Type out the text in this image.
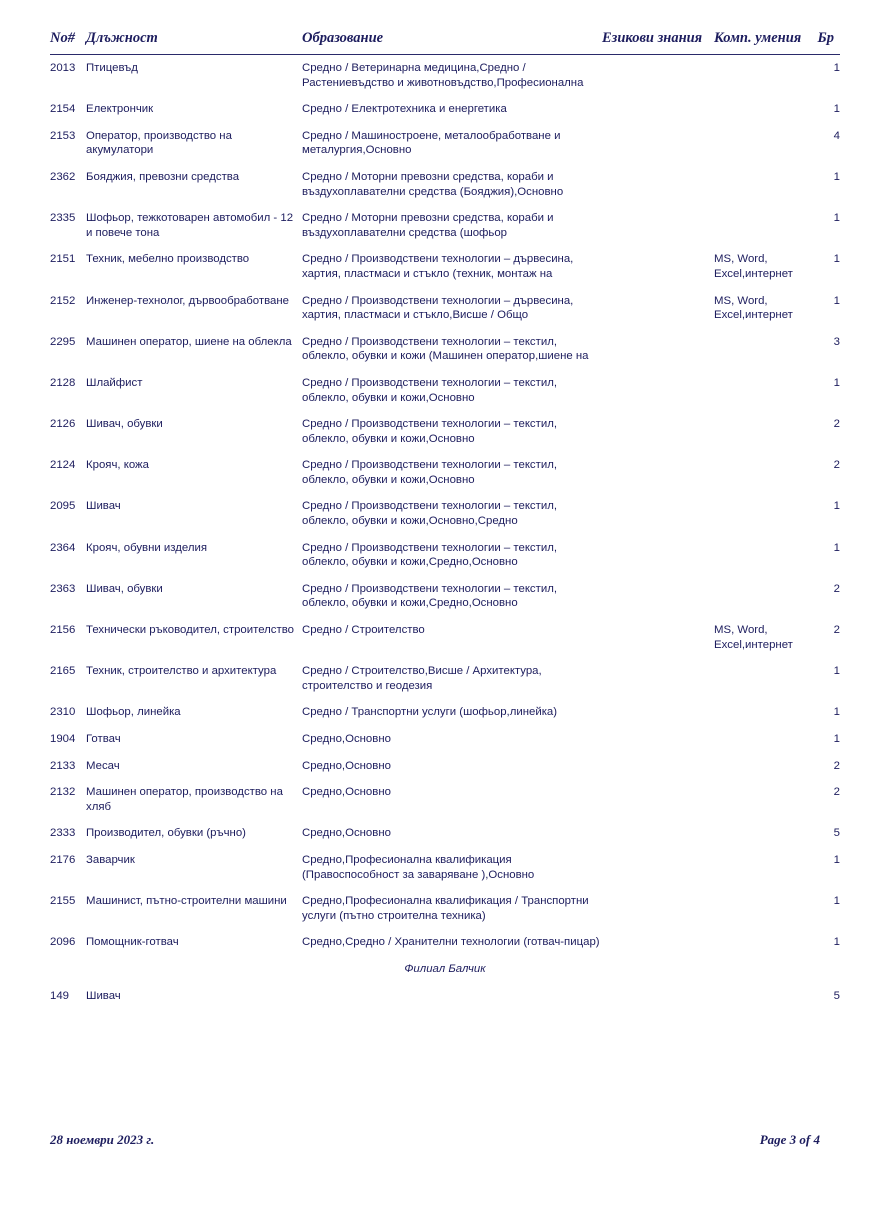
No#	Длъжност	Образование	Езикови знания	Комп. умения	Бр

2013	Птицевъд	Средно / Ветеринарна медицина,Средно / Растениевъдство и животновъдство,Професионална			1
2154	Електрончик	Средно / Електротехника и енергетика			1
2153	Оператор, производство на акумулатори	Средно / Машиностроене, металообработване и металургия,Основно			4
2362	Бояджия, превозни средства	Средно / Моторни превозни средства, кораби и въздухоплавателни средства (Бояджия),Основно			1
2335	Шофьор, тежкотоварен автомобил - 12 и повече тона	Средно / Моторни превозни средства, кораби и въздухоплавателни средства (шофьор			1
2151	Техник, мебелно производство	Средно / Производствени технологии – дървесина, хартия, пластмаси и стъкло (техник, монтаж на		MS, Word, Excel,интернет	1
2152	Инженер-технолог, дървообработване	Средно / Производствени технологии – дървесина, хартия, пластмаси и стъкло,Висше / Общо		MS, Word, Excel,интернет	1
2295	Машинен оператор, шиене на облекла	Средно / Производствени технологии – текстил, облекло, обувки и кожи (Машинен оператор,шиене на			3
2128	Шлайфист	Средно / Производствени технологии – текстил, облекло, обувки и кожи,Основно			1
2126	Шивач, обувки	Средно / Производствени технологии – текстил, облекло, обувки и кожи,Основно			2
2124	Крояч, кожа	Средно / Производствени технологии – текстил, облекло, обувки и кожи,Основно			2
2095	Шивач	Средно / Производствени технологии – текстил, облекло, обувки и кожи,Основно,Средно			1
2364	Крояч, обувни изделия	Средно / Производствени технологии – текстил, облекло, обувки и кожи,Средно,Основно			1
2363	Шивач, обувки	Средно / Производствени технологии – текстил, облекло, обувки и кожи,Средно,Основно			2
2156	Технически ръководител, строителство	Средно / Строителство		MS, Word, Excel,интернет	2
2165	Техник, строителство и архитектура	Средно / Строителство,Висше / Архитектура, строителство и геодезия			1
2310	Шофьор, линейка	Средно / Транспортни услуги (шофьор,линейка)			1
1904	Готвач	Средно,Основно			1
2133	Месач	Средно,Основно			2
2132	Машинен оператор, производство на хляб	Средно,Основно			2
2333	Производител, обувки (ръчно)	Средно,Основно			5
2176	Заварчик	Средно,Професионална квалификация (Правоспособност за заваряване ),Основно			1
2155	Машинист, пътно-строителни машини	Средно,Професионална квалификация / Транспортни услуги (пътно строителна техника)			1
2096	Помощник-готвач	Средно,Средно / Хранителни технологии (готвач-пицар)			1
Филиал Балчик					
149	Шивач				5
28 ноември 2023 г.	Page 3 of 4
